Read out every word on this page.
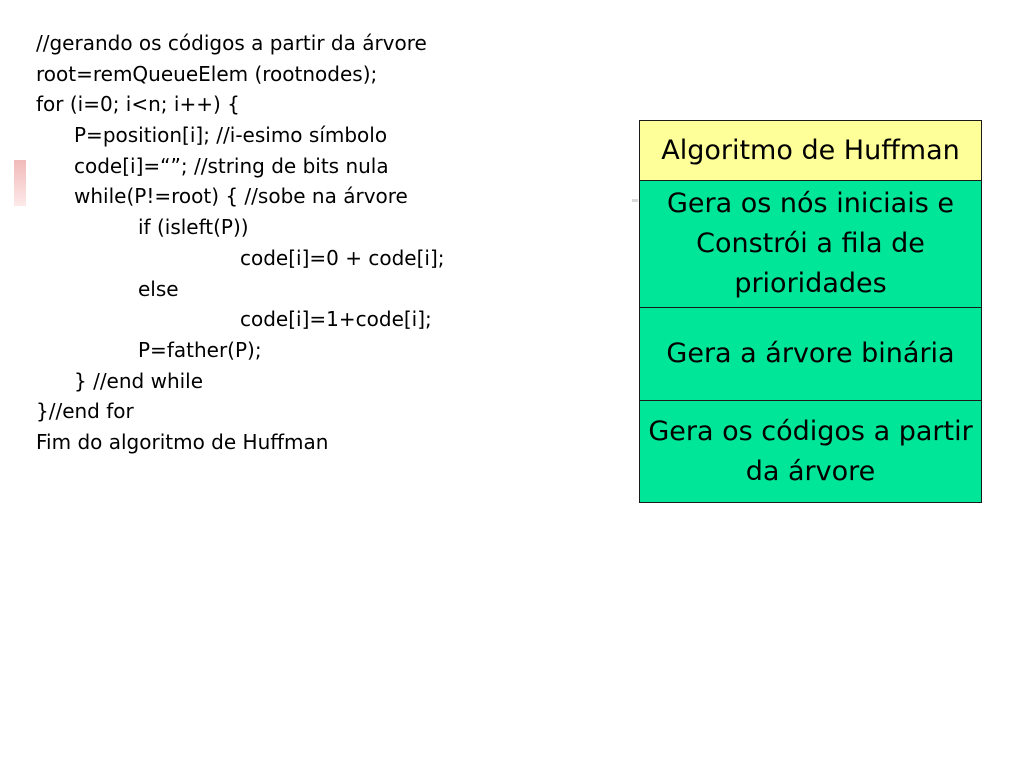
//gerando os códigos a partir da árvore
root=remQueueElem (rootnodes);
for (i=0; i<n; i++) {
P=position[i]; //i-esimo símbolo
code[i]=“”; //string de bits nula
while(P!=root) { //sobe na árvore
if (isleft(P))
code[i]=0 + code[i];
else
code[i]=1+code[i];
P=father(P);
} //end while
}//end for
Fim do algoritmo de Huffman
Algoritmo de Huffman
Gera os nós iniciais e Constrói a fila de prioridades
Gera a árvore binária
Gera os códigos a partir da árvore
